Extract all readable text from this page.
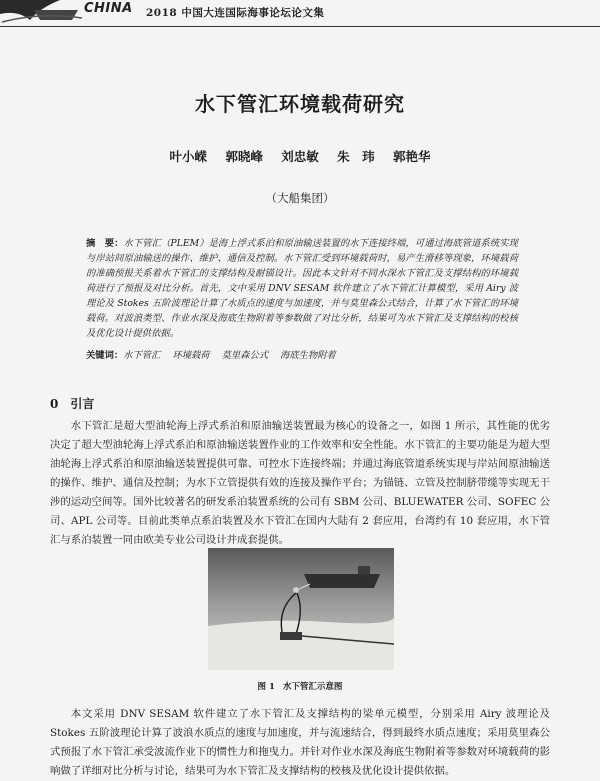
CHINA 2018 中国大连国际海事论坛论文集
水下管汇环境载荷研究
叶小嵘 郭晓峰 刘忠敏 朱　玮 郭艳华
（大船集团）
摘　要：水下管汇（PLEM）是海上浮式系泊和原油输送装置的水下连接终端，可通过海底管道系统实现与岸站间原油输送的操作、维护、通信及控制。水下管汇受到环境载荷时，易产生滑移等现象，环境载荷的准确预报关系着水下管汇的支撑结构及耐锚设计。因此本文针对不同水深水下管汇及支撑结构的环境载荷进行了预报及对比分析。首先，文中采用 DNV SESAM 软件建立了水下管汇计算模型，采用 Airy 波理论及 Stokes 五阶波理论计算了水质点的速度与加速度，并与莫里森公式结合，计算了水下管汇的环境载荷。对波浪类型、作业水深及海底生物附着等参数做了对比分析，结果可为水下管汇及支撑结构的校核及优化设计提供依据。
关键词：水下管汇 环境载荷 莫里森公式 海底生物附着
0 引言
水下管汇是超大型油轮海上浮式系泊和原油输送装置最为核心的设备之一，如图 1 所示，其性能的优劣决定了超大型油轮海上浮式系泊和原油输送装置作业的工作效率和安全性能。水下管汇的主要功能是为超大型油轮海上浮式系泊和原油输送装置提供可靠、可控水下连接终端；并通过海底管道系统实现与岸站间原油输送的操作、维护、通信及控制；为水下立管提供有效的连接及操作平台；为锚链、立管及控制脐带缆等实现无干涉的运动空间等。国外比较著名的研发系泊装置系统的公司有 SBM 公司、BLUEWATER 公司、SOFEC 公司、APL 公司等。目前此类单点系泊装置及水下管汇在国内大陆有 2 套应用，台湾约有 10 套应用，水下管汇与系泊装置一同由欧美专业公司设计并成套提供。
图 1 水下管汇示意图
本文采用 DNV SESAM 软件建立了水下管汇及支撑结构的梁单元模型，分别采用 Airy 波理论及 Stokes 五阶波理论计算了波浪水质点的速度与加速度，并与流速结合，得到最终水质点速度；采用莫里森公式预报了水下管汇承受波流作业下的惯性力和拖曳力。并针对作业水深及海底生物附着等参数对环境载荷的影响做了详细对比分析与讨论，结果可为水下管汇及支撑结构的校核及优化设计提供依据。
